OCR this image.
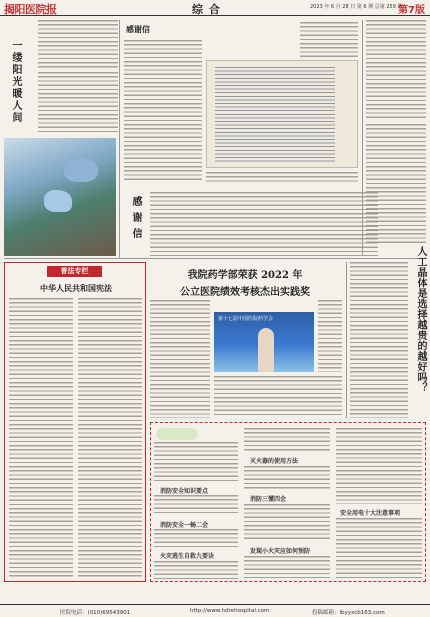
揭阳医院报	综 合	2023 年 6 月 28 日 第 6 期 总第 259 期
第7版
一缕阳光暖人间
感谢信
感谢信
普法专栏
中华人民共和国宪法
我院药学部荣获 2022 年
公立医院绩效考核杰出实践奖
第十七届中国医院药学会	人工晶体是选择越贵的越好吗？
消防安全知识要点
消防安全一畅二会
火灾逃生自救九要诀
灭火器的使用方法
消防三懂四会
发现小火灾应如何预防
安全用电十大注意事项
医院电话：(010)69543901	http://www.hdrehospital.com	投稿邮箱：lbyyxcb163.com
